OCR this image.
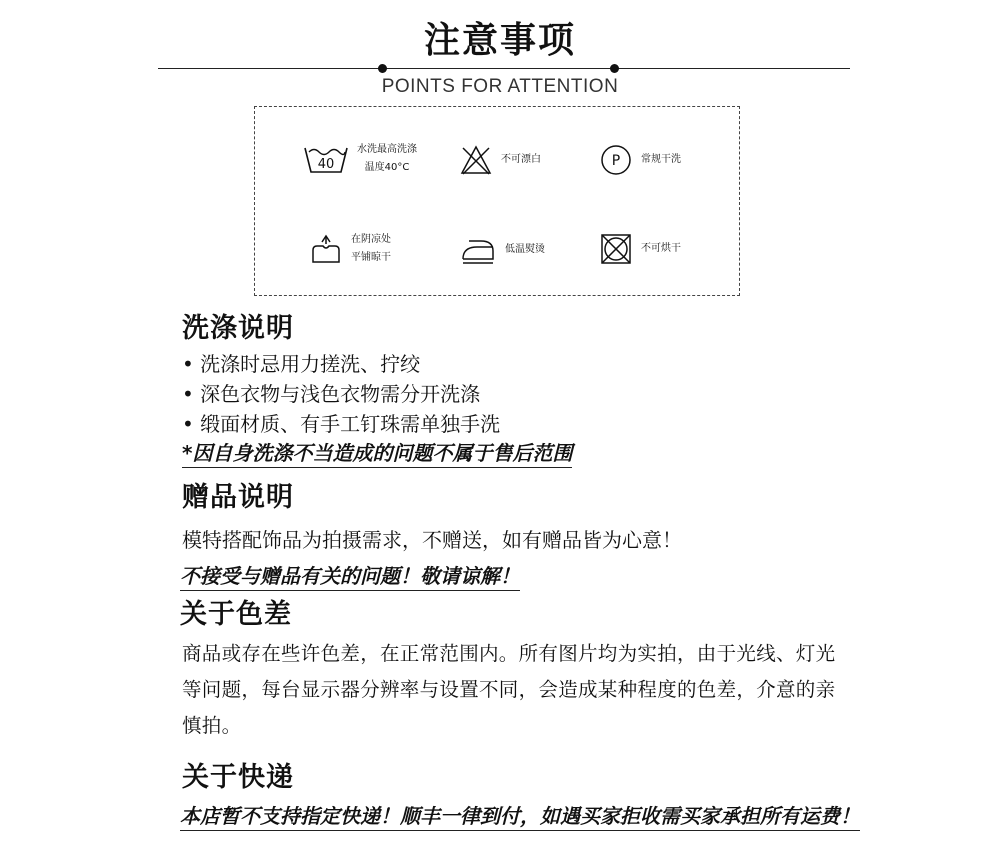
注意事项
POINTS FOR ATTENTION
40
水洗最高洗涤
温度40°C
不可漂白	P 常规干洗
在阴凉处
平铺晾干
低温熨烫	不可烘干
洗涤说明
• 洗涤时忌用力搓洗、拧绞
• 深色衣物与浅色衣物需分开洗涤
• 缎面材质、有手工钉珠需单独手洗
*因自身洗涤不当造成的问题不属于售后范围
赠品说明
模特搭配饰品为拍摄需求，不赠送，如有赠品皆为心意！
不接受与赠品有关的问题！敬请谅解！
关于色差
商品或存在些许色差，在正常范围内。所有图片均为实拍，由于光线、灯光
等问题，每台显示器分辨率与设置不同，会造成某种程度的色差，介意的亲
慎拍。
关于快递
本店暂不支持指定快递！顺丰一律到付，如遇买家拒收需买家承担所有运费！
